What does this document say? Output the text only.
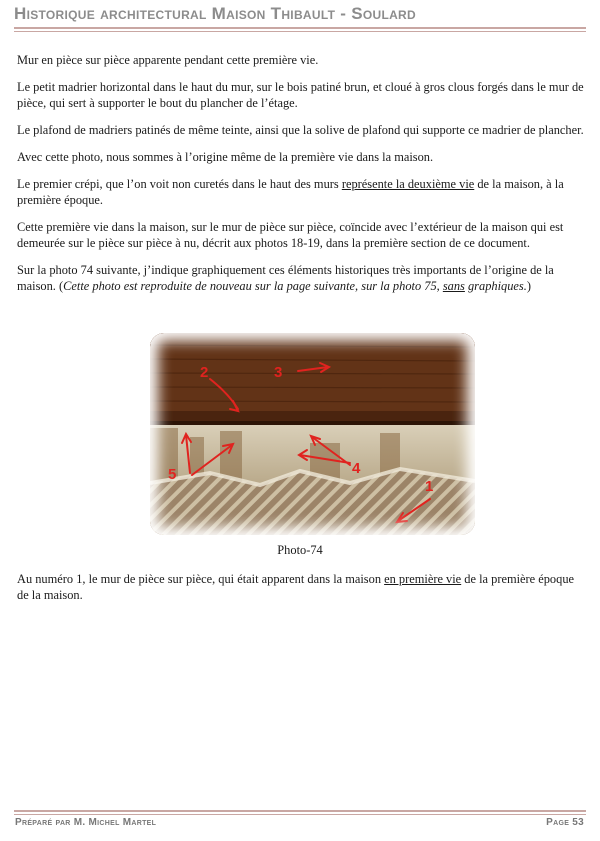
Historique architectural Maison Thibault - Soulard

Mur en pièce sur pièce apparente pendant cette première vie.

Le petit madrier horizontal dans le haut du mur, sur le bois patiné brun, et cloué à gros clous forgés dans le mur de pièce, qui sert à supporter le bout du plancher de l’étage.

Le plafond de madriers patinés de même teinte, ainsi que la solive de plafond qui supporte ce madrier de plancher.

Avec cette photo, nous sommes à l’origine même de la première vie dans la maison.

Le premier crépi, que l’on voit non curetés dans le haut des murs représente la deuxième vie de la maison, à la première époque.

Cette première vie dans la maison, sur le mur de pièce sur pièce, coïncide avec l’extérieur de la maison qui est demeurée sur le pièce sur pièce à nu, décrit aux photos 18-19, dans la première section de ce document.

Sur la photo 74 suivante, j’indique graphiquement ces éléments historiques très importants de l’origine de la maison. (Cette photo est reproduite de nouveau sur la page suivante, sur la photo 75, sans graphiques.)

1
2	3
4
5
Photo-74
Au numéro 1, le mur de pièce sur pièce, qui était apparent dans la maison en première vie de la première époque de la maison.
Préparé par M. Michel Martel	Page 53
